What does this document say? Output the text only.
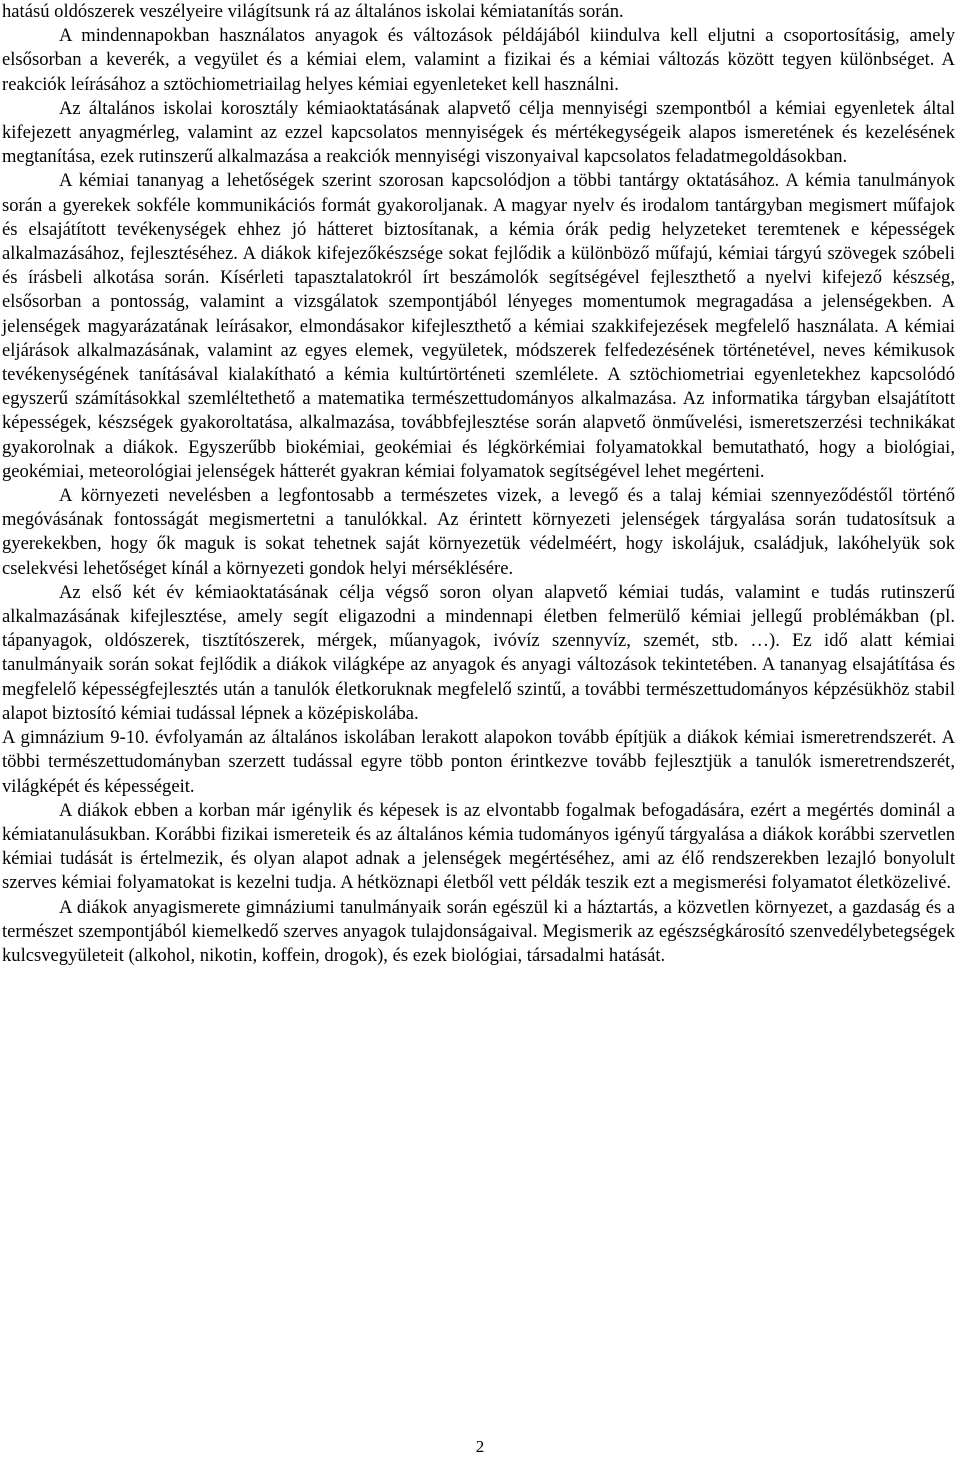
hatású oldószerek veszélyeire világítsunk rá az általános iskolai kémiatanítás során.

A mindennapokban használatos anyagok és változások példájából kiindulva kell eljutni a csoportosításig, amely elsősorban a keverék, a vegyület és a kémiai elem, valamint a fizikai és a kémiai változás között tegyen különbséget. A reakciók leírásához a sztöchiometriailag helyes kémiai egyenleteket kell használni.

Az általános iskolai korosztály kémiaoktatásának alapvető célja mennyiségi szempontból a kémiai egyenletek által kifejezett anyagmérleg, valamint az ezzel kapcsolatos mennyiségek és mértékegységeik alapos ismeretének és kezelésének megtanítása, ezek rutinszerű alkalmazása a reakciók mennyiségi viszonyaival kapcsolatos feladatmegoldásokban.

A kémiai tananyag a lehetőségek szerint szorosan kapcsolódjon a többi tantárgy oktatásához. A kémia tanulmányok során a gyerekek sokféle kommunikációs formát gyakoroljanak. A magyar nyelv és irodalom tantárgyban megismert műfajok és elsajátított tevékenységek ehhez jó hátteret biztosítanak, a kémia órák pedig helyzeteket teremtenek e képességek alkalmazásához, fejlesztéséhez. A diákok kifejezőkészsége sokat fejlődik a különböző műfajú, kémiai tárgyú szövegek szóbeli és írásbeli alkotása során. Kísérleti tapasztalatokról írt beszámolók segítségével fejleszthető a nyelvi kifejező készség, elsősorban a pontosság, valamint a vizsgálatok szempontjából lényeges momentumok megragadása a jelenségekben. A jelenségek magyarázatának leírásakor, elmondásakor kifejleszthető a kémiai szakkifejezések megfelelő használata. A kémiai eljárások alkalmazásának, valamint az egyes elemek, vegyületek, módszerek felfedezésének történetével, neves kémikusok tevékenységének tanításával kialakítható a kémia kultúrtörténeti szemlélete. A sztöchiometriai egyenletekhez kapcsolódó egyszerű számításokkal szemléltethető a matematika természettudományos alkalmazása. Az informatika tárgyban elsajátított képességek, készségek gyakoroltatása, alkalmazása, továbbfejlesztése során alapvető önművelési, ismeretszerzési technikákat gyakorolnak a diákok. Egyszerűbb biokémiai, geokémiai és légkörkémiai folyamatokkal bemutatható, hogy a biológiai, geokémiai, meteorológiai jelenségek hátterét gyakran kémiai folyamatok segítségével lehet megérteni.

A környezeti nevelésben a legfontosabb a természetes vizek, a levegő és a talaj kémiai szennyeződéstől történő megóvásának fontosságát megismertetni a tanulókkal. Az érintett környezeti jelenségek tárgyalása során tudatosítsuk a gyerekekben, hogy ők maguk is sokat tehetnek saját környezetük védelméért, hogy iskolájuk, családjuk, lakóhelyük sok cselekvési lehetőséget kínál a környezeti gondok helyi mérséklésére.

Az első két év kémiaoktatásának célja végső soron olyan alapvető kémiai tudás, valamint e tudás rutinszerű alkalmazásának kifejlesztése, amely segít eligazodni a mindennapi életben felmerülő kémiai jellegű problémákban (pl. tápanyagok, oldószerek, tisztítószerek, mérgek, műanyagok, ivóvíz szennyvíz, szemét, stb. …). Ez idő alatt kémiai tanulmányaik során sokat fejlődik a diákok világképe az anyagok és anyagi változások tekintetében. A tananyag elsajátítása és megfelelő képességfejlesztés után a tanulók életkoruknak megfelelő szintű, a további természettudományos képzésükhöz stabil alapot biztosító kémiai tudással lépnek a középiskolába.

A gimnázium 9-10. évfolyamán az általános iskolában lerakott alapokon tovább építjük a diákok kémiai ismeretrendszerét. A többi természettudományban szerzett tudással egyre több ponton érintkezve tovább fejlesztjük a tanulók ismeretrendszerét, világképét és képességeit.

A diákok ebben a korban már igénylik és képesek is az elvontabb fogalmak befogadására, ezért a megértés dominál a kémiatanulásukban. Korábbi fizikai ismereteik és az általános kémia tudományos igényű tárgyalása a diákok korábbi szervetlen kémiai tudását is értelmezik, és olyan alapot adnak a jelenségek megértéséhez, ami az élő rendszerekben lezajló bonyolult szerves kémiai folyamatokat is kezelni tudja. A hétköznapi életből vett példák teszik ezt a megismerési folyamatot életközelivé.

A diákok anyagismerete gimnáziumi tanulmányaik során egészül ki a háztartás, a közvetlen környezet, a gazdaság és a természet szempontjából kiemelkedő szerves anyagok tulajdonságaival. Megismerik az egészségkárosító szenvedélybetegségek kulcsvegyületeit (alkohol, nikotin, koffein, drogok), és ezek biológiai, társadalmi hatását.

2
